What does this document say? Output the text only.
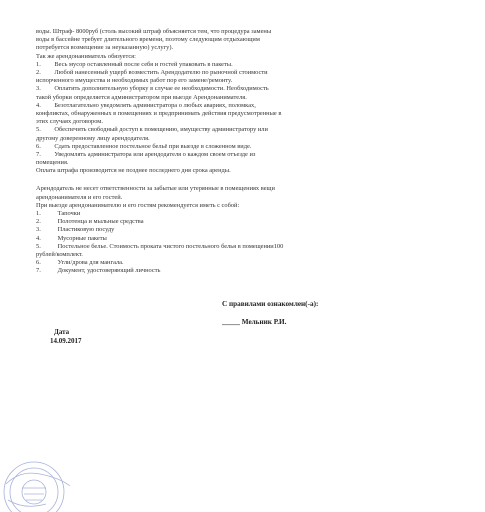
воды. Штраф- 8000руб (столь высокий штраф объясняется тем, что процедура замены
воды в бассейне требует длительного времени, поэтому следующим отдыхающим
потребуется возмещение за неуказанную) услугу).
Так же арендонаниматель обязуется:
1.    Весь мусор оставленный после себя и гостей упаковать в пакеты.
2.    Любой нанесенный ущерб возместить Арендодателю по рыночной стоимости
испорченного имущества и необходимых работ пор его замене/ремонту.
3.    Оплатить дополнительную уборку в случае ее необходимости. Необходимость
такой уборки определяется администратором при выезде Арендонанимателя.
4.    Безотлагательно уведомлять администратора о любых авариях, поломках,
конфликтах, обнаруженных в помещениях и предпринимать действия предусмотренные в
этих случаях договором.
5.    Обеспечить свободный доступ к помещению, имуществу администратору или
другому доверенному лицу арендодателя.
6.    Сдать предоставленное постельное бельё при выезде в сложенном виде.
7.    Уведомлять администратора или арендодателя о каждом своем отъезде из
помещения.
Оплата штрафа производится не позднее последнего дня срока аренды.
Арендодатель не несет ответственности за забытые или утерянные в помещениях вещи
арендонанимателя и его гостей.
При выезде арендонанимателю и его гостям рекомендуется иметь с собой:
1.      Тапочки
2.      Полотенца и мыльные средства
3.      Пластиковую посуду
4.      Мусорные пакеты
5.      Постельное белье. Стоимость проката чистого постельного белья в помещении100
рублей/комплект.
6.      Угли/дрова для мангала.
7.      Документ, удостоверяющий личность
С правилами ознакомлен(-а):
_____ Мельник Р.И.
Дата
14.09.2017
